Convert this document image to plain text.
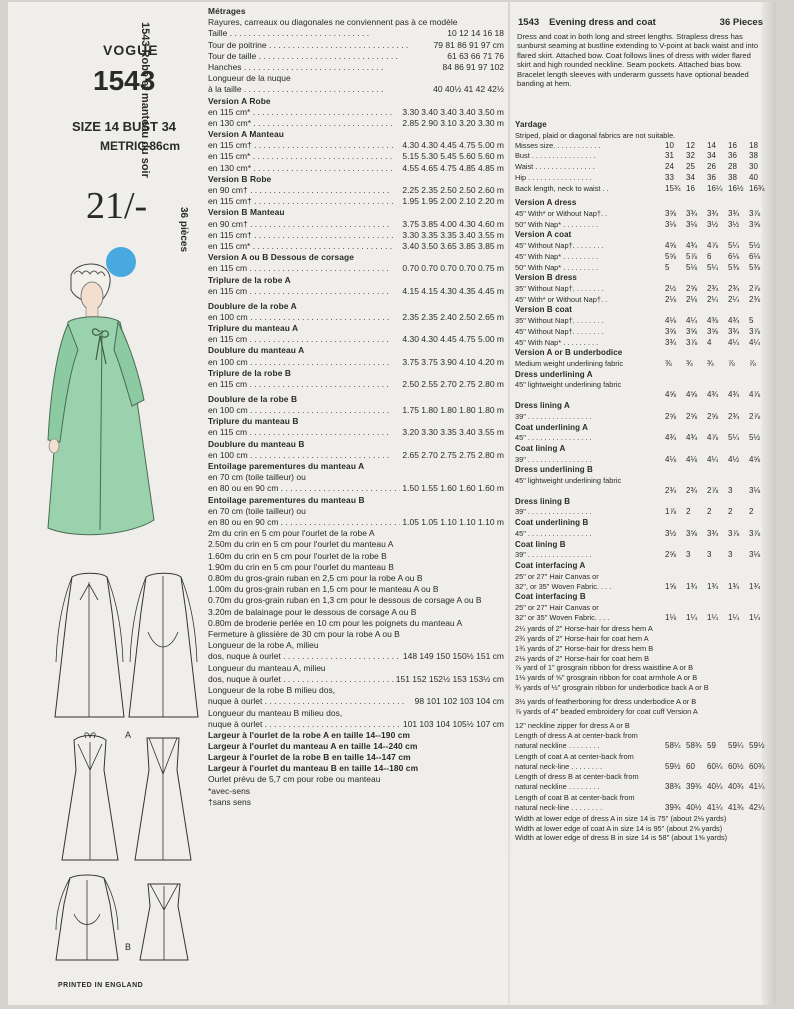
VOGUE
1543
SIZE 14 BUST 34
METRIC 86cm
21/-
1543 Robe et manteau du soir
36 pièces
A
B
PRINTED IN ENGLAND
Métrages
Rayures, carreaux ou diagonales ne conviennent pas à ce modèle
Taille . . .	10 12 14 16 18
Tour de poitrine . . .	79 81 86 91 97 cm
Tour de taille . . .	61 63 66 71 76
Hanches . . .	84 86 91 97 102
Longueur de la nuque
à la taille . . .	40 40½ 41 42 42½
Version A Robe
en 115 cm* . . .	3.30 3.40 3.40 3.40 3.50 m
en 130 cm* . . .	2.85 2.90 3.10 3.20 3.30 m
Version A Manteau
en 115 cm† . . .	4.30 4.30 4.45 4.75 5.00 m
en 115 cm* . . .	5.15 5.30 5.45 5.60 5.60 m
en 130 cm* . . .	4.55 4.65 4.75 4.85 4.85 m
Version B Robe
en 90 cm† . . .	2.25 2.35 2.50 2.50 2.60 m
en 115 cm† . . .	1.95 1.95 2.00 2.10 2.20 m
Version B Manteau
en 90 cm† . . .	3.75 3.85 4.00 4.30 4.60 m
en 115 cm† . . .	3.30 3.35 3.35 3.40 3.55 m
en 115 cm* . . .	3.40 3.50 3.65 3.85 3.85 m
Version A ou B Dessous de corsage
en 115 cm . . .	0.70 0.70 0.70 0.70 0.75 m
Triplure de la robe A
en 115 cm . . .	4.15 4.15 4.30 4.35 4.45 m
Doublure de la robe A
en 100 cm . . .	2.35 2.35 2.40 2.50 2.65 m
Triplure du manteau A
en 115 cm . . .	4.30 4.30 4.45 4.75 5.00 m
Doublure du manteau A
en 100 cm . . .	3.75 3.75 3.90 4.10 4.20 m
Triplure de la robe B
en 115 cm . . .	2.50 2.55 2.70 2.75 2.80 m
Doublure de la robe B
en 100 cm . . .	1.75 1.80 1.80 1.80 1.80 m
Triplure du manteau B
en 115 cm . . .	3.20 3.30 3.35 3.40 3.55 m
Doublure du manteau B
en 100 cm . . .	2.65 2.70 2.75 2.75 2.80 m
Entoilage parementures du manteau A
en 70 cm (toile tailleur) ou
en 80 ou en 90 cm . . .	1.50 1.55 1.60 1.60 1.60 m
Entoilage parementures du manteau B
en 70 cm (toile tailleur) ou
en 80 ou en 90 cm . . .	1.05 1.05 1.10 1.10 1.10 m
2m du crin en 5 cm pour l'ourlet de la robe A
2.50m du crin en 5 cm pour l'ourlet du manteau A
1.60m du crin en 5 cm pour l'ourlet de la robe B
1.90m du crin en 5 cm pour l'ourlet du manteau B
0.80m du gros-grain ruban en 2,5 cm pour la robe A ou B
1.00m du gros-grain ruban en 1,5 cm pour le manteau A ou B
0.70m du gros-grain ruban en 1,3 cm pour le dessous de corsage A ou B
3.20m de balainage pour le dessous de corsage A ou B
0.80m de broderie perlée en 10 cm pour les poignets du manteau A
Fermeture à glissière de 30 cm pour la robe A ou B
Longueur de la robe A, milieu
dos, nuque à ourlet . . .	148 149 150 150½ 151 cm
Longueur du manteau A, milieu
dos, nuque à ourlet . . .	151 152 152½ 153 153½ cm
Longueur de la robe B milieu dos,
nuque à ourlet . . .	98 101 102 103 104 cm
Longueur du manteau B milieu dos,
nuque à ourlet . . .	101 103 104 105½ 107 cm
Largeur à l'ourlet de la robe A en taille 14--190 cm
Largeur à l'ourlet du manteau A en taille 14--240 cm
Largeur à l'ourlet de la robe B en taille 14--147 cm
Largeur à l'ourlet du manteau B en taille 14--180 cm
Ourlet prévu de 5,7 cm pour robe ou manteau
*avec-sens
†sans sens
1543	Evening dress and coat	36 Pieces
Dress and coat in both long and street lengths. Strapless dress has sunburst seaming at bustline extending to V-point at back waist and into flared skirt. Attached bow. Coat follows lines of dress with wider flared skirt and high rounded neckline. Seam pockets. Attached bias bow. Bracelet length sleeves with underarm gussets have optional beaded banding at hem.
Yardage
Striped, plaid or diagonal fabrics are not suitable.
Misses size. . . . . . . . . . . .	10	12	14	16	18
Bust . . . . . . . . . . . . . . . .	31	32	34	36	38
Waist . . . . . . . . . . . . . . .	24	25	26	28	30
Hip . . . . . . . . . . . . . . . .	33	34	36	38	40
Back length, neck to waist . .	15¾ 16	16¼ 16½ 16¾
Version A dress
45" With* or Without Nap†. .	3⅝	3¾	3¾	3¾	3⅞
50" With Nap* . . . . . . . . .	3⅛	3⅛	3½	3½	3⅝
Version A coat
45" Without Nap†. . . . . . . .	4⅝	4¾	4⅞	5¼	5½
45" With Nap* . . . . . . . . .	5⅝	5⅞	6	6⅛	6⅛
50" With Nap* . . . . . . . . .	5	5⅛	5¼	5⅜	5⅜
Version B dress
35" Without Nap†. . . . . . . .	2½	2⅝	2¾	2¾	2⅞
45" With* or Without Nap†. .	2⅛	2⅛	2¼	2¼	2⅜
Version B coat
35" Without Nap†. . . . . . . .	4⅛	4¼	4⅜	4¾	5
45" Without Nap†. . . . . . . .	3⅝	3⅝	3⅝	3¾	3⅞
45" With Nap* . . . . . . . . .	3¾	3⅞	4	4¼	4¼
Version A or B underbodice
Medium weight underlining fabric	⅜	¾	¾	⅞	⅞
Dress underlining A
45" lightweight underlining fabric
4⅝	4⅝	4¾	4¾	4⅞
Dress lining A
39" . . . . . . . . . . . . . . . .	2⅝	2⅝	2⅝	2¾	2⅞
Coat underlining A
45" . . . . . . . . . . . . . . . .	4¾	4¾	4⅞	5¼	5½
Coat lining A
39" . . . . . . . . . . . . . . . .	4⅛	4⅛	4¼	4½	4⅝
Dress underlining B
45" lightweight underlining fabric
2¾	2¾	2⅞	3	3⅛
Dress lining B
39" . . . . . . . . . . . . . . . .	1⅞	2	2	2	2
Coat underlining B
45" . . . . . . . . . . . . . . . .	3½	3⅝	3¾	3⅞	3⅞
Coat lining B
39" . . . . . . . . . . . . . . . .	2⅝	3	3	3	3⅛
Coat interfacing A
25" or 27" Hair Canvas or
32", or 35" Woven Fabric. . . .	1⅝	1¾	1¾	1¾	1¾
Coat interfacing B
25" or 27" Hair Canvas or
32" or 35" Woven Fabric. . . .	1⅛	1¼	1¼	1¼	1¼
2¼ yards of 2" Horse-hair for dress hem A
2¾ yards of 2" Horse-hair for coat hem A
1¾ yards of 2" Horse-hair for dress hem B
2⅛ yards of 2" Horse-hair for coat hem B
⅞ yard of 1" grosgrain ribbon for dress waistline A or B
1⅛ yards of ⅝" grosgrain ribbon for coat armhole A or B
¾ yards of ½" grosgrain ribbon for underbodice back A or B
3½ yards of featherboning for dress underbodice A or B
⅞ yards of 4" beaded embroidery for coat cuff Version A
12" neckline zipper for dress A or B
Length of dress A at center-back from
natural neckline . . . . . . . .	58¼ 58¾ 59	59¼ 59½
Length of coat A at center-back from
natural neck-line . . . . . . . .	59½ 60	60¼ 60½ 60¾
Length of dress B at center-back from
natural neckline . . . . . . . .	38¾ 39¾ 40¼ 40¾ 41¼
Length of coat B at center-back from
natural neck-line . . . . . . . .	39¾ 40½ 41¼ 41¾ 42¼
Width at lower edge of dress A in size 14 is 75" (about 2⅛ yards)
Width at lower edge of coat A in size 14 is 95" (about 2⅝ yards)
Width at lower edge of dress B in size 14 is 58" (about 1⅝ yards)
